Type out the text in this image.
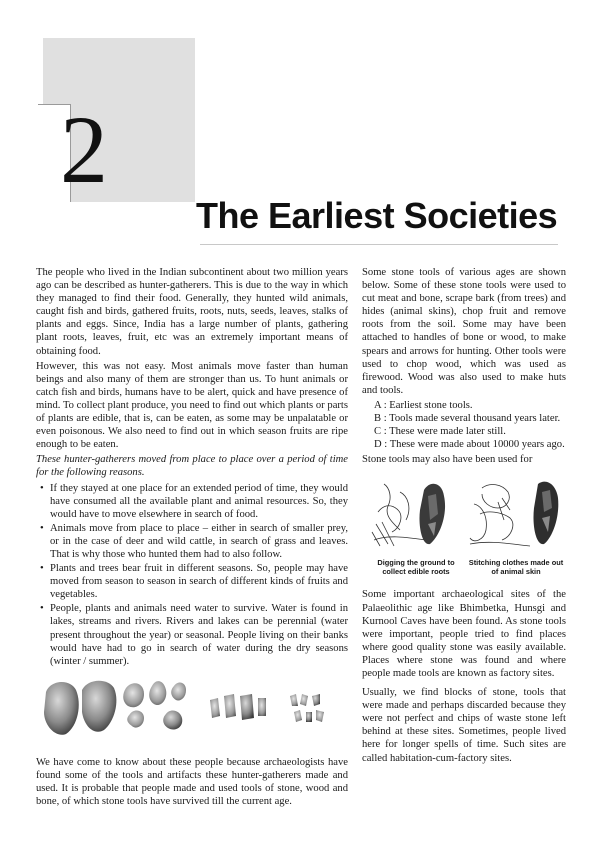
2
The Earliest Societies

The people who lived in the Indian subcontinent about two million years ago can be described as hunter-gatherers. This is due to the way in which they managed to find their food. Generally, they hunted wild animals, caught fish and birds, gathered fruits, roots, nuts, seeds, leaves, stalks of plants and eggs. Since, India has a large number of plants, gathering plant roots, leaves, fruit, etc was an extremely important means of obtaining food.

However, this was not easy. Most animals move faster than human beings and also many of them are stronger than us. To hunt animals or catch fish and birds, humans have to be alert, quick and have presence of mind. To collect plant produce, you need to find out which plants or parts of plants are edible, that is, can be eaten, as some may be unpalatable or even poisonous. We also need to find out in which season fruits are ripe enough to be eaten.

These hunter-gatherers moved from place to place over a period of time for the following reasons.

• If they stayed at one place for an extended period of time, they would have consumed all the available plant and animal resources. So, they would have to move elsewhere in search of food.
• Animals move from place to place – either in search of smaller prey, or in the case of deer and wild cattle, in search of grass and leaves. That is why those who hunted them had to also follow.
• Plants and trees bear fruit in different seasons. So, people may have moved from season to season in search of different kinds of fruits and vegetables.
• People, plants and animals need water to survive. Water is found in lakes, streams and rivers. Rivers and lakes can be perennial (water present throughout the year) or seasonal. People living on their banks would have had to go in search of water during the dry seasons (winter / summer).

We have come to know about these people because archaeologists have found some of the tools and artifacts these hunter-gatherers made and used. It is probable that people made and used tools of stone, wood and bone, of which stone tools have survived till the current age.

Some stone tools of various ages are shown below. Some of these stone tools were used to cut meat and bone, scrape bark (from trees) and hides (animal skins), chop fruit and remove roots from the soil. Some may have been attached to handles of bone or wood, to make spears and arrows for hunting. Other tools were used to chop wood, which was used as firewood. Wood was also used to make huts and tools.

A : Earliest stone tools.
B : Tools made several thousand years later.
C : These were made later still.
D : These were made about 10000 years ago.

Stone tools may also have been used for

Digging the ground to collect edible roots
Stitching clothes made out of animal skin

Some important archaeological sites of the Palaeolithic age like Bhimbetka, Hunsgi and Kurnool Caves have been found. As stone tools were important, people tried to find places where good quality stone was easily available. Places where stone was found and where people made tools are known as factory sites.

Usually, we find blocks of stone, tools that were made and perhaps discarded because they were not perfect and chips of waste stone left behind at these sites. Sometimes, people lived here for longer spells of time. Such sites are called habitation-cum-factory sites.
